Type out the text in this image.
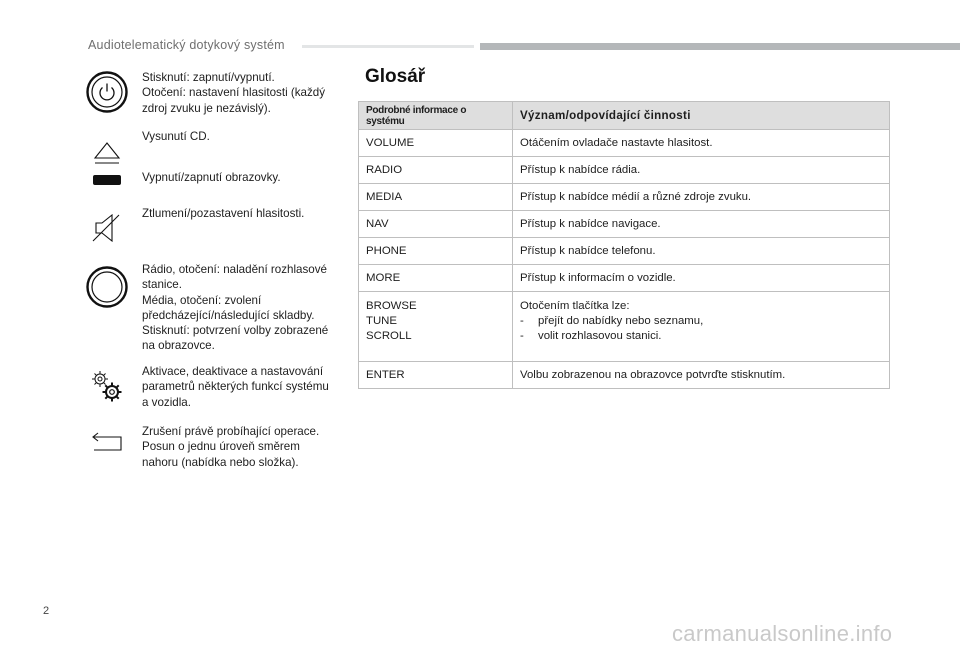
Audiotelematický dotykový systém
Stisknutí: zapnutí/vypnutí.
Otočení: nastavení hlasitosti (každý
zdroj zvuku je nezávislý).
Vysunutí CD.
Vypnutí/zapnutí obrazovky.
Ztlumení/pozastavení hlasitosti.
Rádio, otočení: naladění rozhlasové
stanice.
Média, otočení: zvolení
předcházející/následující skladby.
Stisknutí: potvrzení volby zobrazené
na obrazovce.
Aktivace, deaktivace a nastavování
parametrů některých funkcí systému
a vozidla.
Zrušení právě probíhající operace.
Posun o jednu úroveň směrem
nahoru (nabídka nebo složka).
Glosář
Podrobné informace o systému	Význam/odpovídající činnosti
VOLUME	Otáčením ovladače nastavte hlasitost.
RADIO	Přístup k nabídce rádia.
MEDIA	Přístup k nabídce médií a různé zdroje zvuku.
NAV	Přístup k nabídce navigace.
PHONE	Přístup k nabídce telefonu.
MORE	Přístup k informacím o vozidle.

BROWSE
TUNE
SCROLL	Otočením tlačítka lze:
- přejít do nabídky nebo seznamu,
- volit rozhlasovou stanici.

ENTER	Volbu zobrazenou na obrazovce potvrďte stisknutím.
2
carmanualsonline.info
